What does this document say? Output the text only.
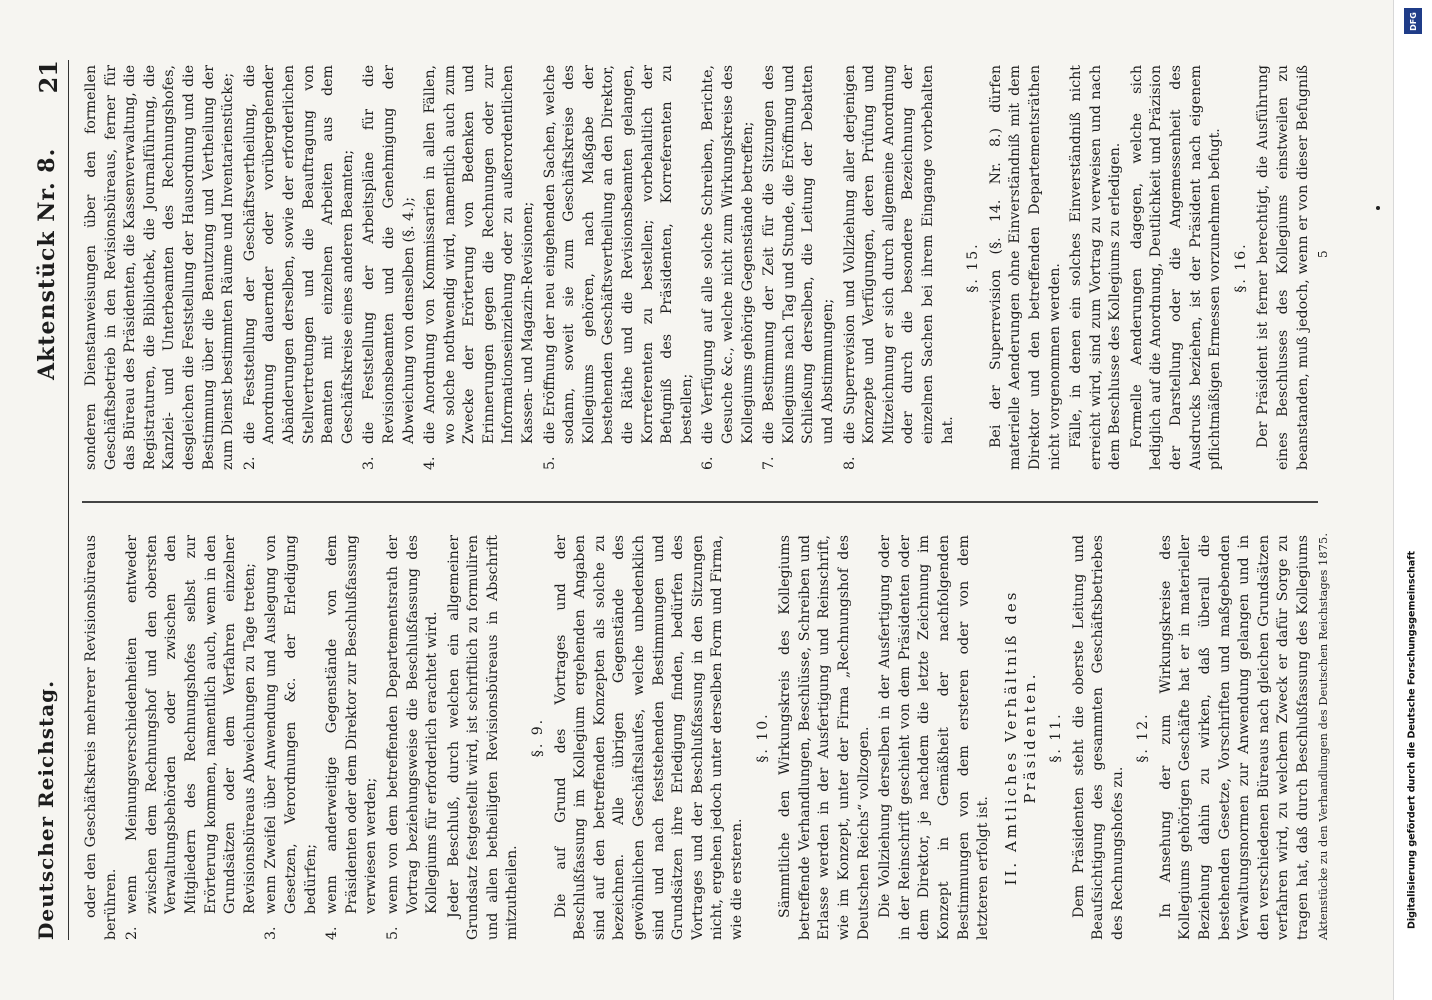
Deutscher Reichstag.
Aktenstück Nr. 8.
21
oder den Geschäftskreis mehrerer Revisionsbüreaus berühren. 2.wenn Meinungsverschiedenheiten entweder zwischen dem Rechnungshof und den obersten Verwaltungsbehörden oder zwischen den Mitgliedern des Rechnungshofes selbst zur Erörterung kommen, namentlich auch, wenn in den Grundsätzen oder dem Verfahren einzelner Revisionsbüreaus Abweichungen zu Tage treten;
3.wenn Zweifel über Anwendung und Auslegung von Gesetzen, Verordnungen &c. der Erledigung bedürfen;
4.wenn anderweitige Gegenstände von dem Präsidenten oder dem Direktor zur Beschlußfassung verwiesen werden;
5.wenn von dem betreffenden Departementsrath der Vortrag beziehungsweise die Beschlußfassung des Kollegiums für erforderlich erachtet wird. Jeder Beschluß, durch welchen ein allgemeiner Grundsatz festgestellt wird, ist schriftlich zu formuliren und allen betheiligten Revisionsbüreaus in Abschrift mitzutheilen.
§. 9. Die auf Grund des Vortrages und der Beschlußfassung im Kollegium ergehenden Angaben sind auf den betreffenden Konzepten als solche zu bezeichnen. Alle übrigen Gegenstände des gewöhnlichen Geschäftslaufes, welche unbedenklich sind und nach feststehenden Bestimmungen und Grundsätzen ihre Erledigung finden, bedürfen des Vortrages und der Beschlußfassung in den Sitzungen nicht, ergehen jedoch unter derselben Form und Firma, wie die ersteren.
§. 10. Sämmtliche den Wirkungskreis des Kollegiums betreffende Verhandlungen, Beschlüsse, Schreiben und Erlasse werden in der Ausfertigung und Reinschrift, wie im Konzept, unter der Firma „Rechnungshof des Deutschen Reichs“ vollzogen. Die Vollziehung derselben in der Ausfertigung oder in der Reinschrift geschieht von dem Präsidenten oder dem Direktor, je nachdem die letzte Zeichnung im Konzept in Gemäßheit der nachfolgenden Bestimmungen von dem ersteren oder von dem letzteren erfolgt ist. II. Amtliches Verhältniß des Präsidenten. §. 11. Dem Präsidenten steht die oberste Leitung und Beaufsichtigung des gesammten Geschäftsbetriebes des Rechnungshofes zu.
§. 12.
In Ansehung der zum Wirkungskreise des Kollegiums gehörigen Geschäfte hat er in materieller Beziehung dahin zu wirken, daß überall die bestehenden Gesetze, Vorschriften und maßgebenden Verwaltungsnormen zur Anwendung gelangen und in den verschiedenen Büreaus nach gleichen Grundsätzen verfahren wird, zu welchem Zweck er dafür Sorge zu tragen hat, daß durch Beschlußfassung des Kollegiums
sonderen Dienstanweisungen über den formellen Geschäftsbetrieb in den Revisionsbüreaus, ferner für das Büreau des Präsidenten, die Kassenverwaltung, die Registraturen, die Bibliothek, die Journalführung, die Kanzlei- und Unterbeamten des Rechnungshofes, desgleichen die Feststellung der Hausordnung und die Bestimmung über die Benutzung und Vertheilung der zum Dienst bestimmten Räume und Inventarienstücke; 2.die Feststellung der Geschäftsvertheilung, die Anordnung dauernder oder vorübergehender Abänderungen derselben, sowie der erforderlichen Stellvertretungen und die Beauftragung von Beamten mit einzelnen Arbeiten aus dem Geschäftskreise eines anderen Beamten;
3.die Feststellung der Arbeitspläne für die Revisionsbeamten und die Genehmigung der Abweichung von denselben (§. 4.);
4.die Anordnung von Kommissarien in allen Fällen, wo solche nothwendig wird, namentlich auch zum Zwecke der Erörterung von Bedenken und Erinnerungen gegen die Rechnungen oder zur Informationseinziehung oder zu außerordentlichen Kassen- und Magazin-Revisionen;
5.die Eröffnung der neu eingehenden Sachen, welche sodann, soweit sie zum Geschäftskreise des Kollegiums gehören, nach Maßgabe der bestehenden Geschäftsvertheilung an den Direktor, die Räthe und die Revisionsbeamten gelangen, Korreferenten zu bestellen; vorbehaltlich der Befugniß des Präsidenten, Korreferenten zu bestellen;
6.die Verfügung auf alle solche Schreiben, Berichte, Gesuche &c., welche nicht zum Wirkungskreise des Kollegiums gehörige Gegenstände betreffen;
7.die Bestimmung der Zeit für die Sitzungen des Kollegiums nach Tag und Stunde, die Eröffnung und Schließung derselben, die Leitung der Debatten und Abstimmungen;
8.die Superrevision und Vollziehung aller derjenigen Konzepte und Verfügungen, deren Prüfung und Mitzeichnung er sich durch allgemeine Anordnung oder durch die besondere Bezeichnung der einzelnen Sachen bei ihrem Eingange vorbehalten hat.
§. 15. Bei der Superrevision (§. 14. Nr. 8.) dürfen materielle Aenderungen ohne Einverständniß mit dem Direktor und den betreffenden Departementsräthen nicht vorgenommen werden. Fälle, in denen ein solches Einverständniß nicht erreicht wird, sind zum Vortrag zu verweisen und nach dem Beschlusse des Kollegiums zu erledigen. Formelle Aenderungen dagegen, welche sich lediglich auf die Anordnung, Deutlichkeit und Präzision der Darstellung oder die Angemessenheit des Ausdrucks beziehen, ist der Präsident nach eigenem pflichtmäßigen Ermessen vorzunehmen befugt. §. 16.
Der Präsident ist ferner berechtigt, die Ausführung eines Beschlusses des Kollegiums einstweilen zu beanstanden, muß jedoch, wenn er von dieser Befugniß
Aktenstücke zu den Verhandlungen des Deutschen Reichstages 1875.
5
DFG
Digitalisierung gefördert durch die Deutsche Forschungsgemeinschaft
